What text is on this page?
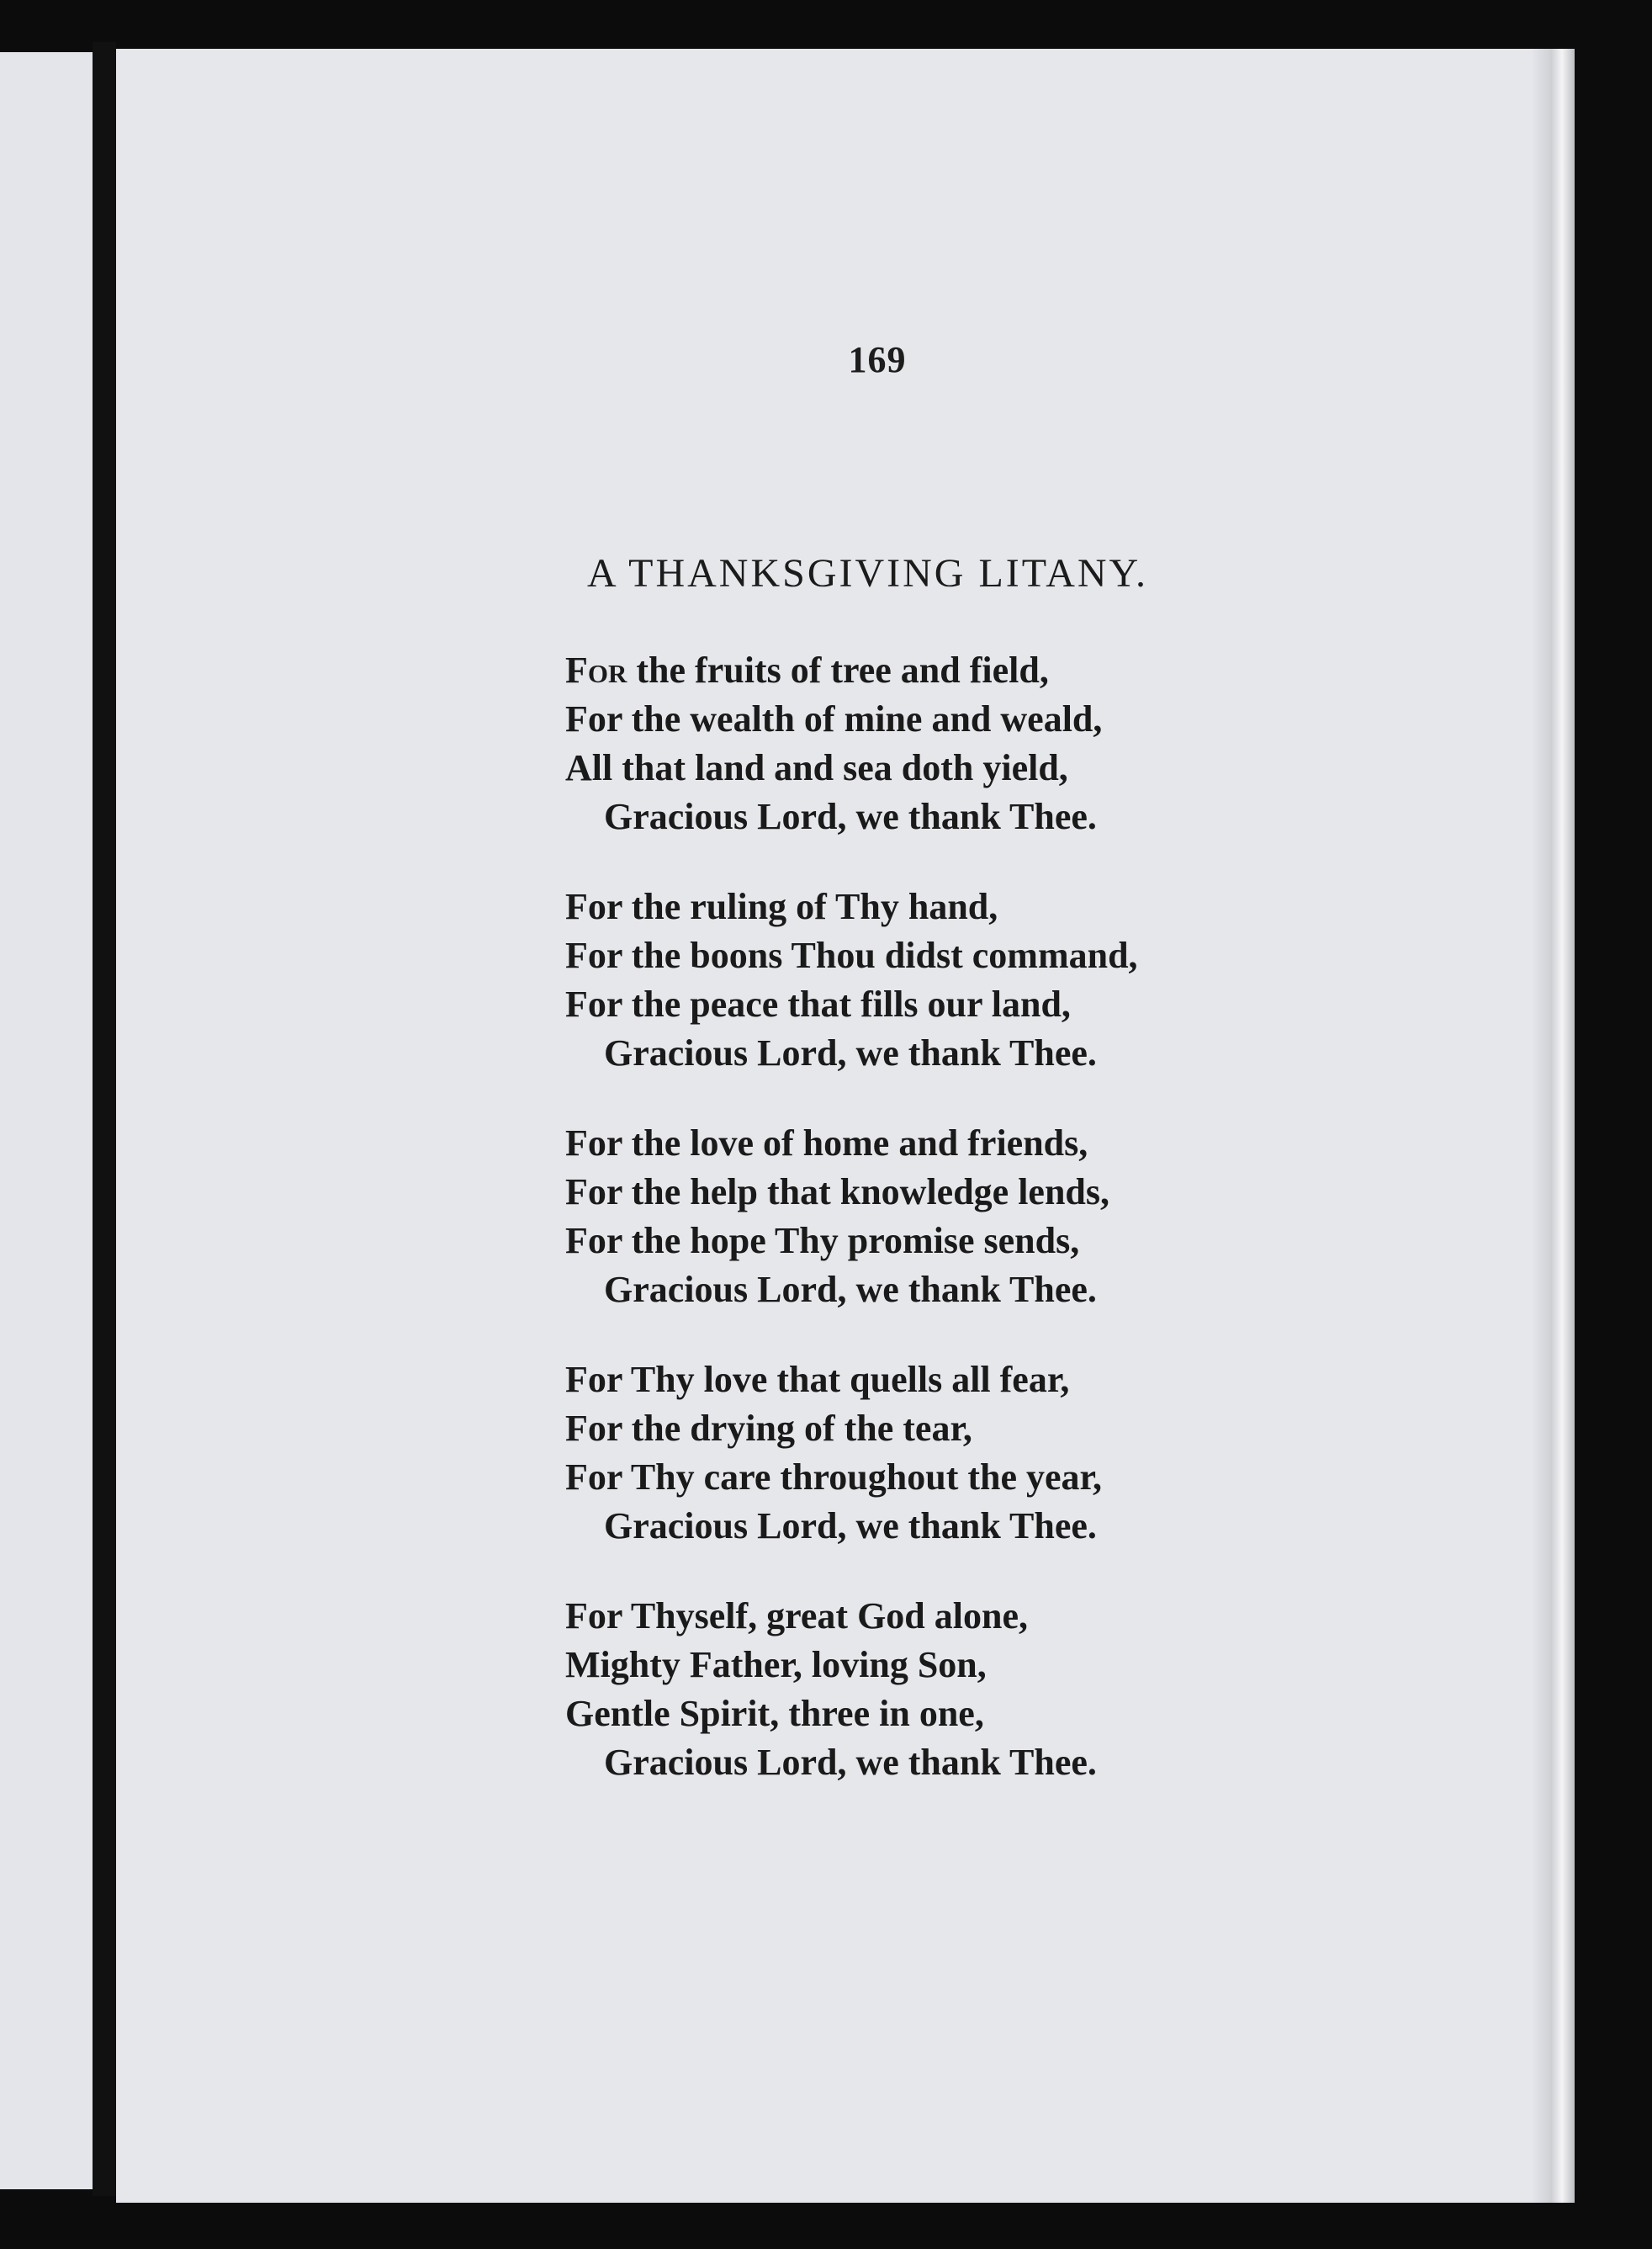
169
A THANKSGIVING LITANY.
For the fruits of tree and field,
For the wealth of mine and weald,
All that land and sea doth yield,
Gracious Lord, we thank Thee.
For the ruling of Thy hand,
For the boons Thou didst command,
For the peace that fills our land,
Gracious Lord, we thank Thee.
For the love of home and friends,
For the help that knowledge lends,
For the hope Thy promise sends,
Gracious Lord, we thank Thee.
For Thy love that quells all fear,
For the drying of the tear,
For Thy care throughout the year,
Gracious Lord, we thank Thee.
For Thyself, great God alone,
Mighty Father, loving Son,
Gentle Spirit, three in one,
Gracious Lord, we thank Thee.
